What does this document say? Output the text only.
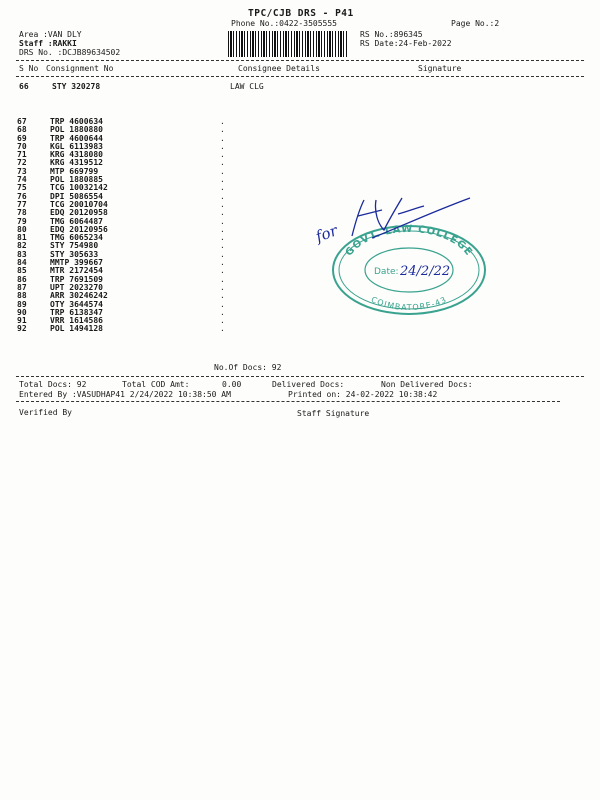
TPC/CJB DRS - P41
Phone No.:0422-3505555	Page No.:2
Area :VAN DLY
Staff :RAKKI
DRS No. :DCJB89634502
RS No.:896345
RS Date:24-Feb-2022
S No Consignment No	Consignee Details	Signature
66	STY 320278	LAW CLG
67	TRP 4600634	.
68	POL 1880880	.
69	TRP 4600644	.
70	KGL 6113983	.
71	KRG 4318080	.
72	KRG 4319512	.
73	MTP 669799	.
74	POL 1880885	.
75	TCG 10032142	.
76	DPI 5086554	.
77	TCG 20010704	.
78	EDQ 20120958	.
79	TMG 6064487	.
80	EDQ 20120956	.
81	TMG 6065234	.
82	STY 754980	.
83	STY 305633	.
84	MMTP 399667	.
85	MTR 2172454	.
86	TRP 7691509	.
87	UPT 2023270	.
88	ARR 30246242	.
89	OTY 3644574	.
90	TRP 6138347	.
91	VRR 1614586	.
92	POL 1494128	.
No.Of Docs: 92
Total Docs: 92	Total COD Amt:	0.00	Delivered Docs:	Non Delivered Docs:
Entered By :VASUDHAP41 2/24/2022 10:38:50 AM	Printed on: 24-02-2022 10:38:42
Verified By	Staff Signature
GOVT. LAW COLLEGE
COIMBATORE-43
Date: 24/2/22
for
